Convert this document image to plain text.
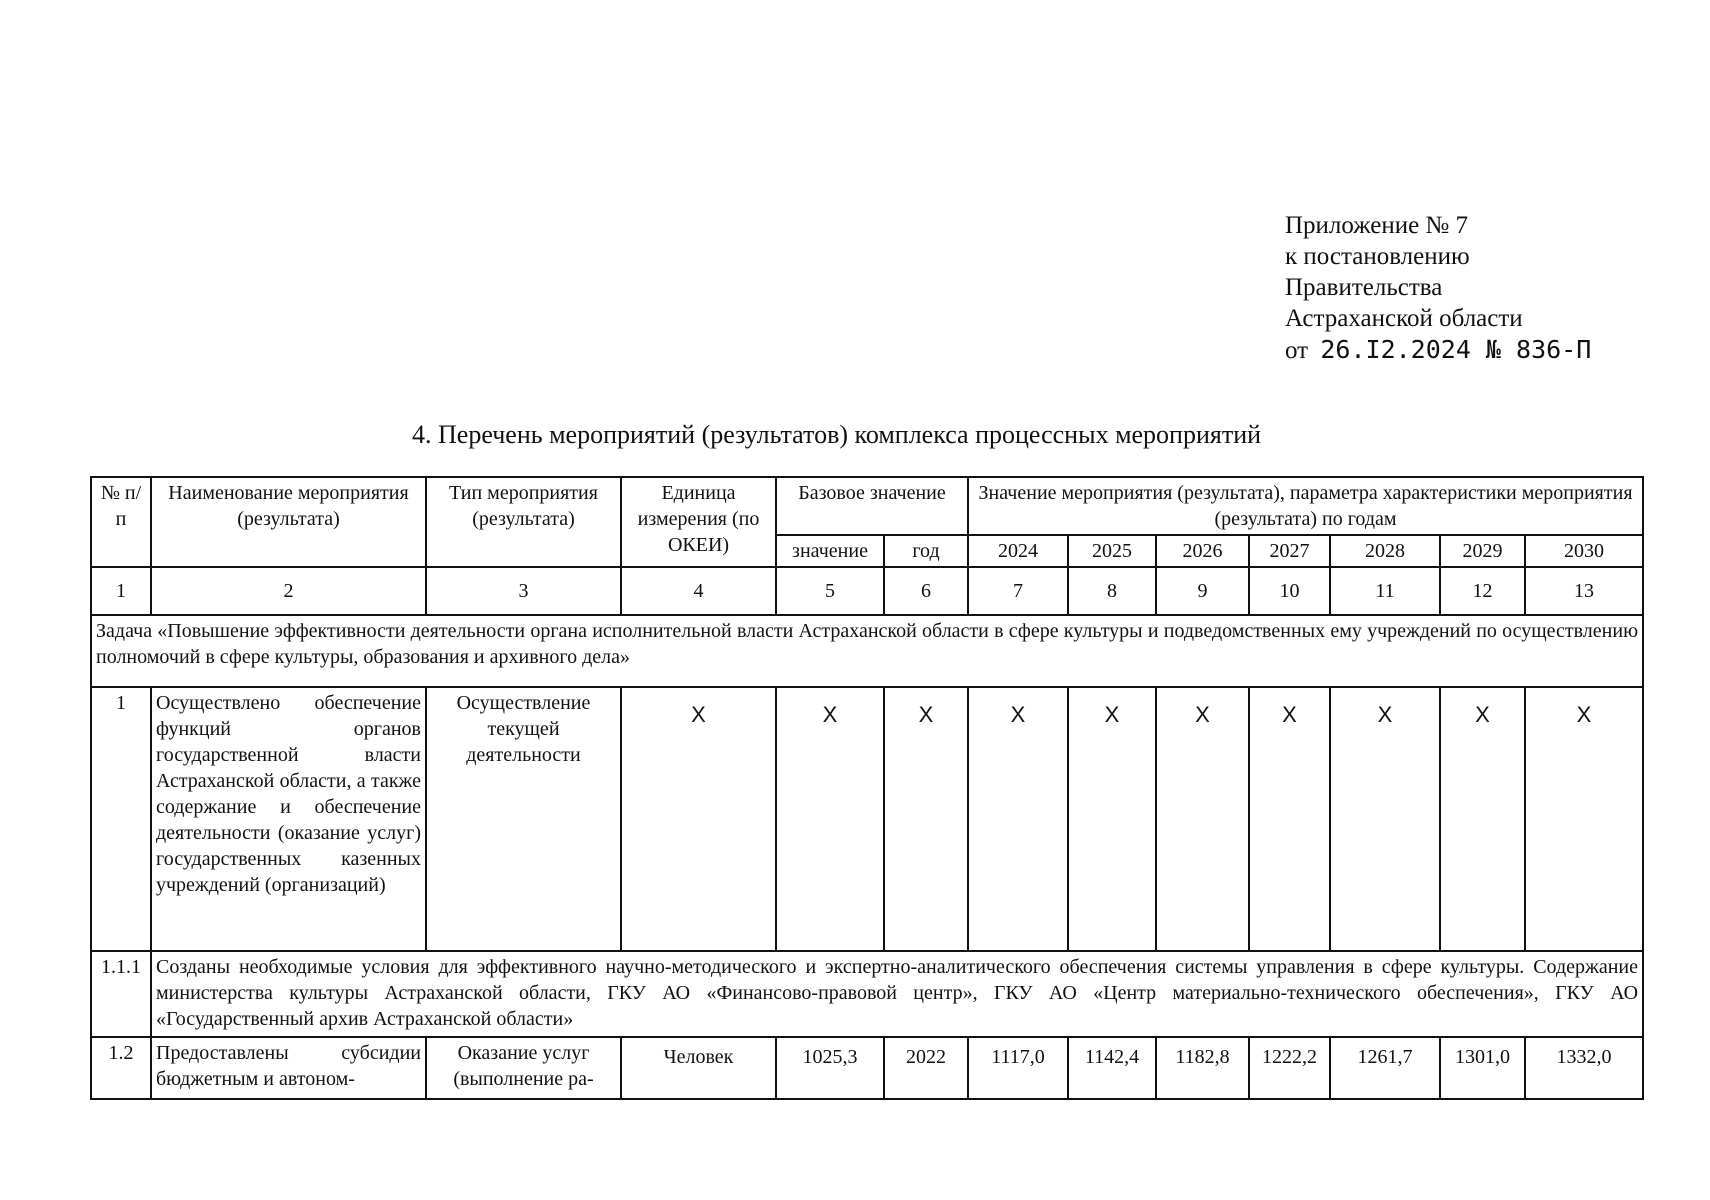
Приложение № 7
к постановлению
Правительства
Астраханской области
от 26.I2.2024 № 836-П
4. Перечень мероприятий (результатов) комплекса процессных мероприятий
№ п/п	Наименование мероприятия (результата)	Тип мероприятия (результата)	Единица измерения (по ОКЕИ)	Базовое значение		Значение мероприятия (результата), параметра характеристики мероприятия (результата) по годам						
				значение	год	2024	2025	2026	2027	2028	2029	2030
1	2	3	4	5	6	7	8	9	10	11	12	13
Задача «Повышение эффективности деятельности органа исполнительной власти Астраханской области в сфере культуры и подведомственных ему учреждений по осуществлению полномочий в сфере культуры, образования и архивного дела»												
1	Осуществлено обеспечение функций органов государственной власти Астраханской области, а также содержание и обеспечение деятельности (оказание услуг) государственных казенных учреждений (организаций)	Осуществление текущей деятельности	X	X	X	X	X	X	X	X	X	X
1.1.1	Созданы необходимые условия для эффективного научно-методического и экспертно-аналитического обеспечения системы управления в сфере культуры. Содержание министерства культуры Астраханской области, ГКУ АО «Финансово-правовой центр», ГКУ АО «Центр материально-технического обеспечения», ГКУ АО «Государственный архив Астраханской области»											
1.2	Предоставлены субсидии бюджетным и автоном-	Оказание услуг (выполнение ра-	Человек	1025,3	2022	1117,0	1142,4	1182,8	1222,2	1261,7	1301,0	1332,0
